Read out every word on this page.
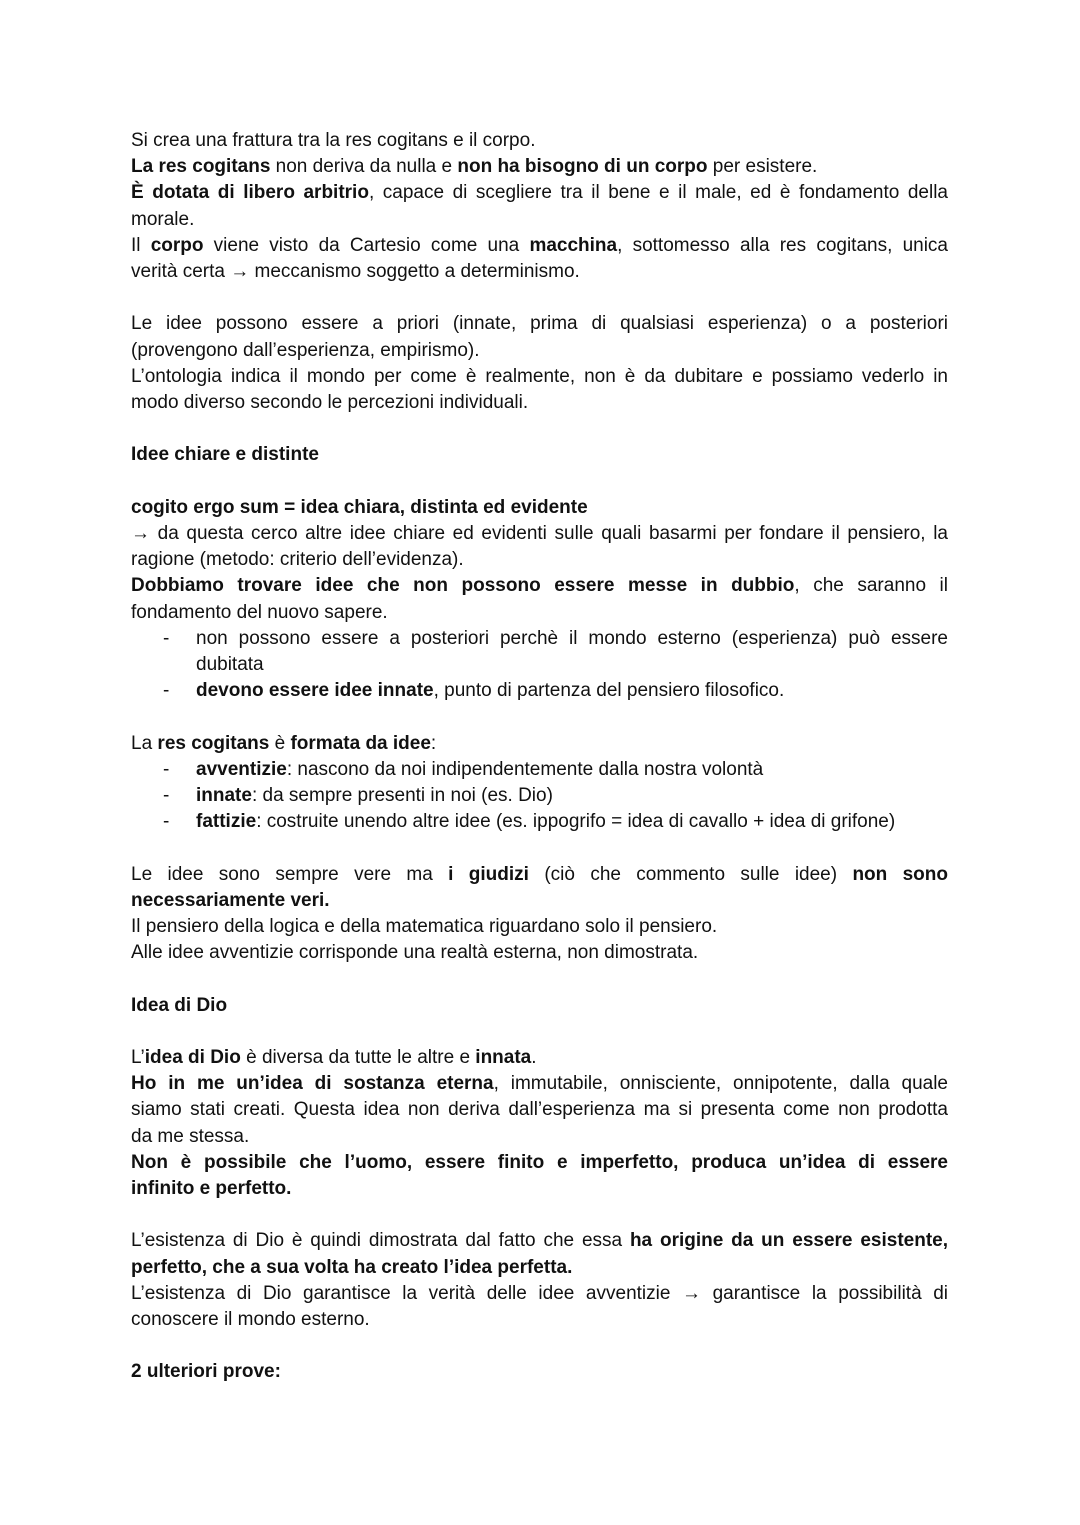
Si crea una frattura tra la res cogitans e il corpo.

La res cogitans non deriva da nulla e non ha bisogno di un corpo per esistere.

È dotata di libero arbitrio, capace di scegliere tra il bene e il male, ed è fondamento della

morale.

Il corpo viene visto da Cartesio come una macchina, sottomesso alla res cogitans, unica

verità certa → meccanismo soggetto a determinismo.

Le idee possono essere a priori (innate, prima di qualsiasi esperienza) o a posteriori

(provengono dall’esperienza, empirismo).

L’ontologia indica il mondo per come è realmente, non è da dubitare e possiamo vederlo in

modo diverso secondo le percezioni individuali.

Idee chiare e distinte

cogito ergo sum = idea chiara, distinta ed evidente

→ da questa cerco altre idee chiare ed evidenti sulle quali basarmi per fondare il pensiero, la

ragione (metodo: criterio dell’evidenza).

Dobbiamo trovare idee che non possono essere messe in dubbio, che saranno il

fondamento del nuovo sapere.

- non possono essere a posteriori perchè il mondo esterno (esperienza) può essere

dubitata

- devono essere idee innate, punto di partenza del pensiero filosofico.

La res cogitans è formata da idee:

- avventizie: nascono da noi indipendentemente dalla nostra volontà
- innate: da sempre presenti in noi (es. Dio)
- fattizie: costruite unendo altre idee (es. ippogrifo = idea di cavallo + idea di grifone)

Le idee sono sempre vere ma i giudizi (ciò che commento sulle idee) non sono

necessariamente veri.

Il pensiero della logica e della matematica riguardano solo il pensiero.

Alle idee avventizie corrisponde una realtà esterna, non dimostrata.

Idea di Dio

L’idea di Dio è diversa da tutte le altre e innata.

Ho in me un’idea di sostanza eterna, immutabile, onnisciente, onnipotente, dalla quale

siamo stati creati. Questa idea non deriva dall’esperienza ma si presenta come non prodotta

da me stessa.

Non è possibile che l’uomo, essere finito e imperfetto, produca un’idea di essere

infinito e perfetto.

L’esistenza di Dio è quindi dimostrata dal fatto che essa ha origine da un essere esistente,

perfetto, che a sua volta ha creato l’idea perfetta.

L’esistenza di Dio garantisce la verità delle idee avventizie → garantisce la possibilità di

conoscere il mondo esterno.

2 ulteriori prove:
